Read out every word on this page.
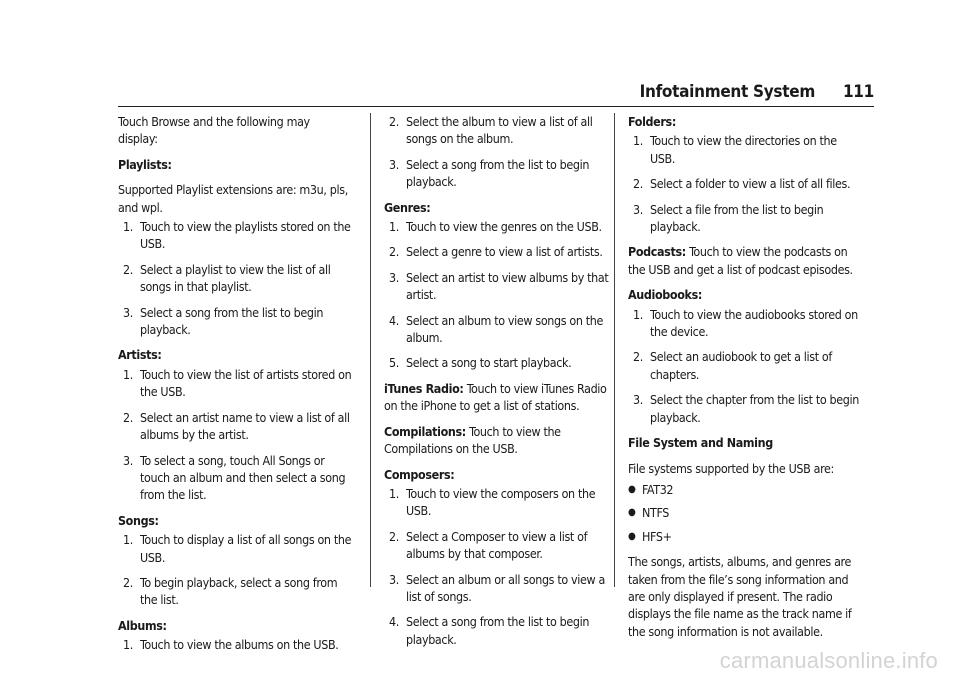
Infotainment System 111

Touch Browse and the following may display:

Playlists:

Supported Playlist extensions are: m3u, pls, and wpl.

1. Touch to view the playlists stored on the USB.
2. Select a playlist to view the list of all songs in that playlist.
3. Select a song from the list to begin playback.
Artists:
1. Touch to view the list of artists stored on the USB.
2. Select an artist name to view a list of all albums by the artist.
3. To select a song, touch All Songs or touch an album and then select a song from the list.
Songs:
1. Touch to display a list of all songs on the USB.
2. To begin playback, select a song from the list.
Albums:
1. Touch to view the albums on the USB.
2. Select the album to view a list of all songs on the album.
3. Select a song from the list to begin playback.
Genres:
1. Touch to view the genres on the USB.
2. Select a genre to view a list of artists.
3. Select an artist to view albums by that artist.
4. Select an album to view songs on the album.
5. Select a song to start playback.

iTunes Radio: Touch to view iTunes Radio on the iPhone to get a list of stations.

Compilations: Touch to view the Compilations on the USB.

Composers:
1. Touch to view the composers on the USB.
2. Select a Composer to view a list of albums by that composer.
3. Select an album or all songs to view a list of songs.
4. Select a song from the list to begin playback.
Folders:
1. Touch to view the directories on the USB.
2. Select a folder to view a list of all files.
3. Select a file from the list to begin playback.

Podcasts: Touch to view the podcasts on the USB and get a list of podcast episodes.

Audiobooks:
1. Touch to view the audiobooks stored on the device.
2. Select an audiobook to get a list of chapters.
3. Select the chapter from the list to begin playback.
File System and Naming

File systems supported by the USB are:

● FAT32
● NTFS
● HFS+

The songs, artists, albums, and genres are taken from the file’s song information and are only displayed if present. The radio displays the file name as the track name if the song information is not available.

carmanualsonline.info
